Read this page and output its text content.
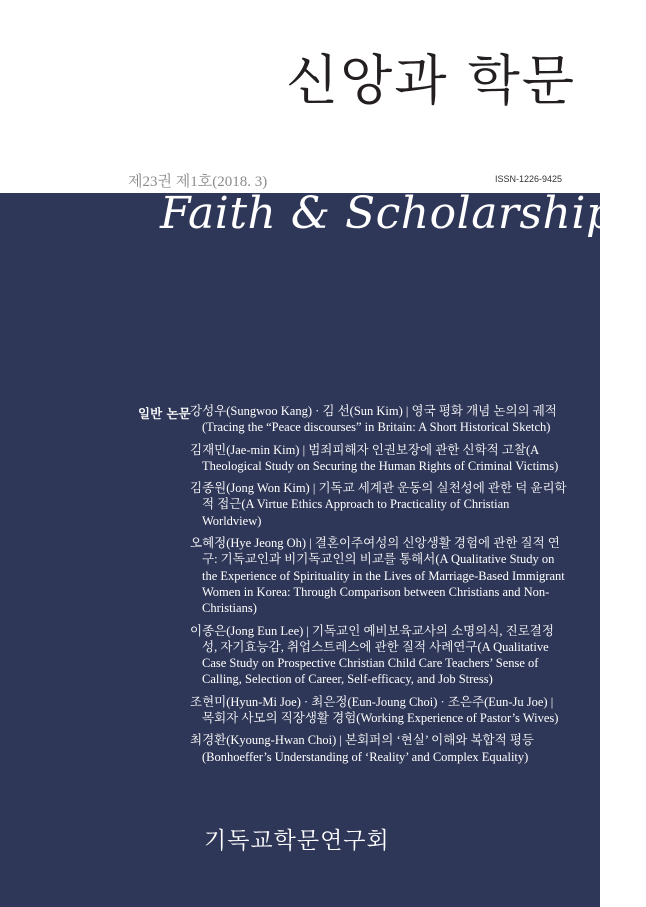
신앙과 학문
제23권 제1호(2018. 3)	ISSN-1226-9425
Faith & Scholarship
일반 논문 강성우(Sungwoo Kang) · 김 선(Sun Kim) | 영국 평화 개념 논의의 궤적 (Tracing the “Peace discourses” in Britain: A Short Historical Sketch)
김재민(Jae-min Kim) | 범죄피해자 인권보장에 관한 신학적 고찰(A Theological Study on Securing the Human Rights of Criminal Victims)
김종원(Jong Won Kim) | 기독교 세계관 운동의 실천성에 관한 덕 윤리학적 접근(A Virtue Ethics Approach to Practicality of Christian Worldview)
오혜정(Hye Jeong Oh) | 결혼이주여성의 신앙생활 경험에 관한 질적 연구: 기독교인과 비기독교인의 비교를 통해서(A Qualitative Study on the Experience of Spirituality in the Lives of Marriage-Based Immigrant Women in Korea: Through Comparison between Christians and Non-Christians)
이종은(Jong Eun Lee) | 기독교인 예비보육교사의 소명의식, 진로결정성, 자기효능감, 취업스트레스에 관한 질적 사례연구(A Qualitative Case Study on Prospective Christian Child Care Teachers’ Sense of Calling, Selection of Career, Self-efficacy, and Job Stress)
조현미(Hyun-Mi Joe) · 최은정(Eun-Joung Choi) · 조은주(Eun-Ju Joe) | 목회자 사모의 직장생활 경험(Working Experience of Pastor’s Wives)
최경환(Kyoung-Hwan Choi) | 본회퍼의 ‘현실’ 이해와 복합적 평등(Bonhoeffer’s Understanding of ‘Reality’ and Complex Equality)
기독교학문연구회
